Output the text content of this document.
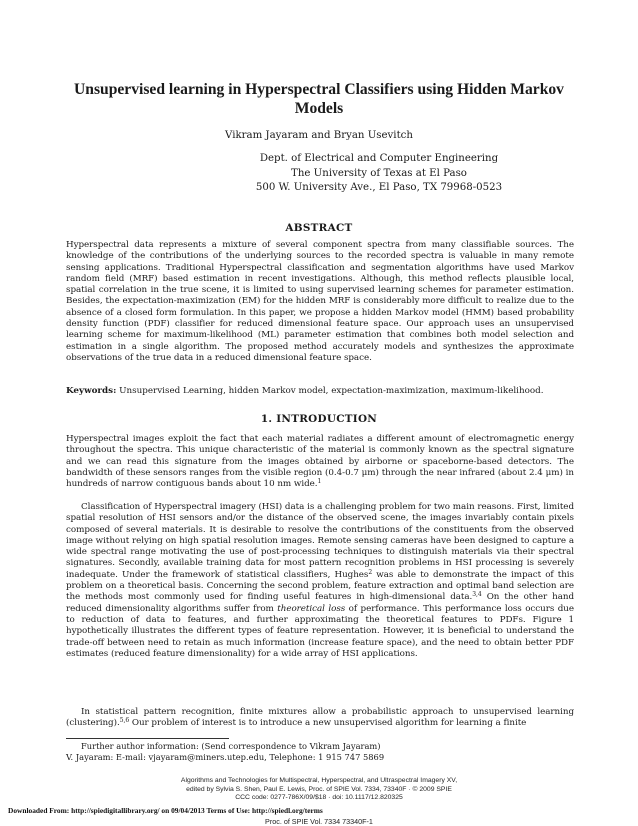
Unsupervised learning in Hyperspectral Classifiers using Hidden Markov Models
Vikram Jayaram and Bryan Usevitch
Dept. of Electrical and Computer Engineering
The University of Texas at El Paso
500 W. University Ave., El Paso, TX 79968-0523
ABSTRACT

Hyperspectral data represents a mixture of several component spectra from many classifiable sources. The knowledge of the contributions of the underlying sources to the recorded spectra is valuable in many remote sensing applications. Traditional Hyperspectral classification and segmentation algorithms have used Markov random field (MRF) based estimation in recent investigations. Although, this method reflects plausible local, spatial correlation in the true scene, it is limited to using supervised learning schemes for parameter estimation. Besides, the expectation-maximization (EM) for the hidden MRF is considerably more difficult to realize due to the absence of a closed form formulation. In this paper, we propose a hidden Markov model (HMM) based probability density function (PDF) classifier for reduced dimensional feature space. Our approach uses an unsupervised learning scheme for maximum-likelihood (ML) parameter estimation that combines both model selection and estimation in a single algorithm. The proposed method accurately models and synthesizes the approximate observations of the true data in a reduced dimensional feature space.

Keywords: Unsupervised Learning, hidden Markov model, expectation-maximization, maximum-likelihood.
1. INTRODUCTION

Hyperspectral images exploit the fact that each material radiates a different amount of electromagnetic energy throughout the spectra. This unique characteristic of the material is commonly known as the spectral signature and we can read this signature from the images obtained by airborne or spaceborne-based detectors. The bandwidth of these sensors ranges from the visible region (0.4-0.7 μm) through the near infrared (about 2.4 μm) in hundreds of narrow contiguous bands about 10 nm wide.$^1$

Classification of Hyperspectral imagery (HSI) data is a challenging problem for two main reasons. First, limited spatial resolution of HSI sensors and/or the distance of the observed scene, the images invariably contain pixels composed of several materials. It is desirable to resolve the contributions of the constituents from the observed image without relying on high spatial resolution images. Remote sensing cameras have been designed to capture a wide spectral range motivating the use of post-processing techniques to distinguish materials via their spectral signatures. Secondly, available training data for most pattern recognition problems in HSI processing is severely inadequate. Under the framework of statistical classifiers, Hughes$^2$ was able to demonstrate the impact of this problem on a theoretical basis. Concerning the second problem, feature extraction and optimal band selection are the methods most commonly used for finding useful features in high-dimensional data.$^{3,4}$ On the other hand reduced dimensionality algorithms suffer from theoretical loss of performance. This performance loss occurs due to reduction of data to features, and further approximating the theoretical features to PDFs. Figure 1 hypothetically illustrates the different types of feature representation. However, it is beneficial to understand the trade-off between need to retain as much information (increase feature space), and the need to obtain better PDF estimates (reduced feature dimensionality) for a wide array of HSI applications.

In statistical pattern recognition, finite mixtures allow a probabilistic approach to unsupervised learning (clustering).$^{5,6}$ Our problem of interest is to introduce a new unsupervised algorithm for learning a finite

Further author information: (Send correspondence to Vikram Jayaram)
V. Jayaram: E-mail: vjayaram@miners.utep.edu, Telephone: 1 915 747 5869
Algorithms and Technologies for Multispectral, Hyperspectral, and Ultraspectral Imagery XV,
edited by Sylvia S. Shen, Paul E. Lewis, Proc. of SPIE Vol. 7334, 73340F · © 2009 SPIE
CCC code: 0277-786X/09/$18 · doi: 10.1117/12.820325
Proc. of SPIE Vol. 7334 73340F-1
Downloaded From: http://spiedigitallibrary.org/ on 09/04/2013 Terms of Use: http://spiedl.org/terms
